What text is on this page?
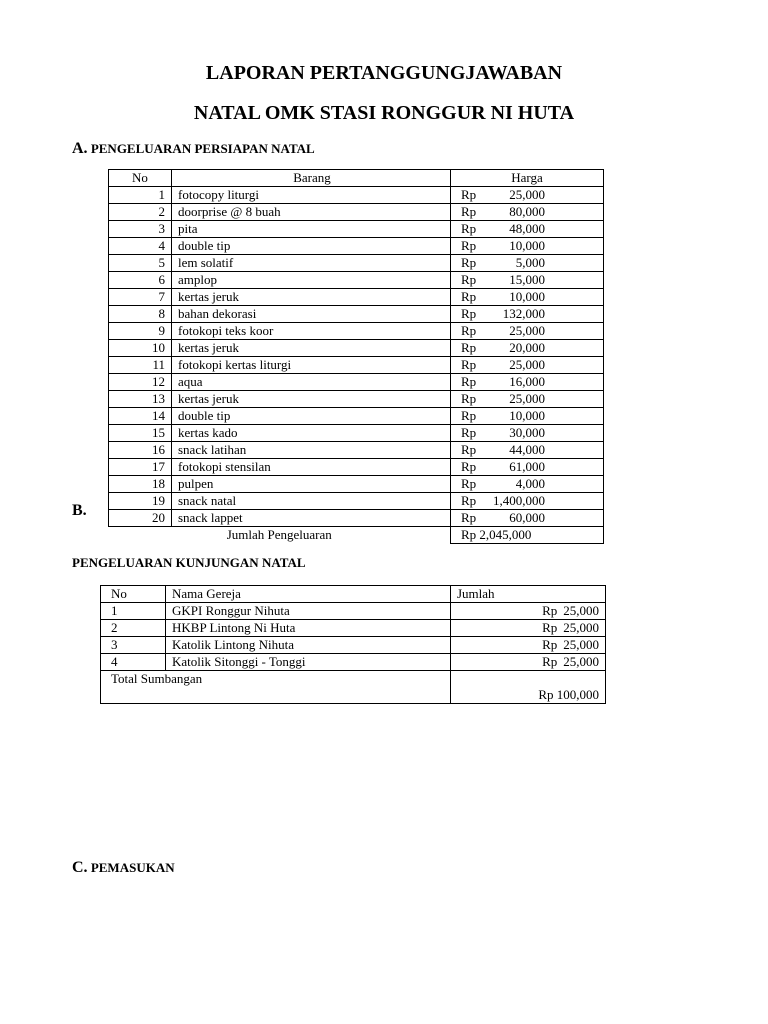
LAPORAN PERTANGGUNGJAWABAN
NATAL OMK STASI RONGGUR NI HUTA

A. PENGELUARAN PERSIAPAN NATAL

No	Barang	Harga
1	fotocopy liturgi	Rp 25,000
2	doorprise @ 8 buah	Rp 80,000
3	pita	Rp 48,000
4	double tip	Rp 10,000
5	lem solatif	Rp 5,000
6	amplop	Rp 15,000
7	kertas jeruk	Rp 10,000
8	bahan dekorasi	Rp 132,000
9	fotokopi teks koor	Rp 25,000
10	kertas jeruk	Rp 20,000
11	fotokopi kertas liturgi	Rp 25,000
12	aqua	Rp 16,000
13	kertas jeruk	Rp 25,000
14	double tip	Rp 10,000
15	kertas kado	Rp 30,000
16	snack latihan	Rp 44,000
17	fotokopi stensilan	Rp 61,000
18	pulpen	Rp 4,000
19	snack natal	Rp 1,400,000
20	snack lappet	Rp 60,000
Jumlah Pengeluaran		Rp 2,045,000
B.

PENGELUARAN KUNJUNGAN NATAL

No	Nama Gereja	Jumlah
1	GKPI Ronggur Nihuta	Rp 25,000
2	HKBP Lintong Ni Huta	Rp 25,000
3	Katolik Lintong Nihuta	Rp 25,000
4	Katolik Sitonggi - Tonggi	Rp 25,000
Total Sumbangan		Rp 100,000

C. PEMASUKAN
